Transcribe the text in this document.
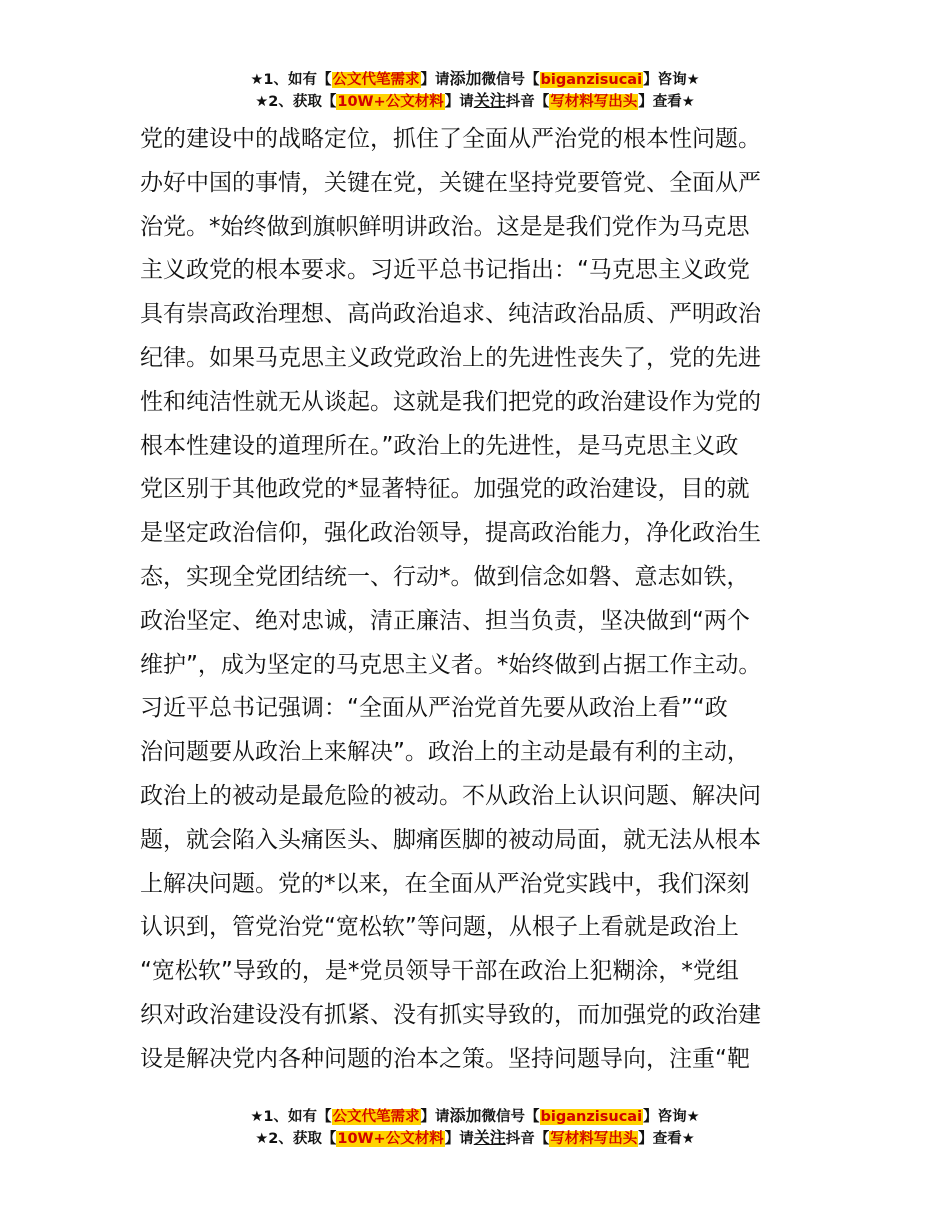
★1、如有【公文代笔需求】请添加微信号【biganzisucai】咨询★
★2、获取【10W+公文材料】请关注抖音【写材料写出头】查看★
党的建设中的战略定位，抓住了全面从严治党的根本性问题。
办好中国的事情，关键在党，关键在坚持党要管党、全面从严
治党。*始终做到旗帜鲜明讲政治。这是是我们党作为马克思
主义政党的根本要求。习近平总书记指出：“马克思主义政党
具有崇高政治理想、高尚政治追求、纯洁政治品质、严明政治
纪律。如果马克思主义政党政治上的先进性丧失了，党的先进
性和纯洁性就无从谈起。这就是我们把党的政治建设作为党的
根本性建设的道理所在。”政治上的先进性，是马克思主义政
党区别于其他政党的*显著特征。加强党的政治建设，目的就
是坚定政治信仰，强化政治领导，提高政治能力，净化政治生
态，实现全党团结统一、行动*。做到信念如磐、意志如铁，
政治坚定、绝对忠诚，清正廉洁、担当负责，坚决做到“两个
维护”，成为坚定的马克思主义者。*始终做到占据工作主动。
习近平总书记强调：“全面从严治党首先要从政治上看”“政
治问题要从政治上来解决”。政治上的主动是最有利的主动，
政治上的被动是最危险的被动。不从政治上认识问题、解决问
题，就会陷入头痛医头、脚痛医脚的被动局面，就无法从根本
上解决问题。党的*以来，在全面从严治党实践中，我们深刻
认识到，管党治党“宽松软”等问题，从根子上看就是政治上
“宽松软”导致的，是*党员领导干部在政治上犯糊涂，*党组
织对政治建设没有抓紧、没有抓实导致的，而加强党的政治建
设是解决党内各种问题的治本之策。坚持问题导向，注重“靶
★1、如有【公文代笔需求】请添加微信号【biganzisucai】咨询★
★2、获取【10W+公文材料】请关注抖音【写材料写出头】查看★
